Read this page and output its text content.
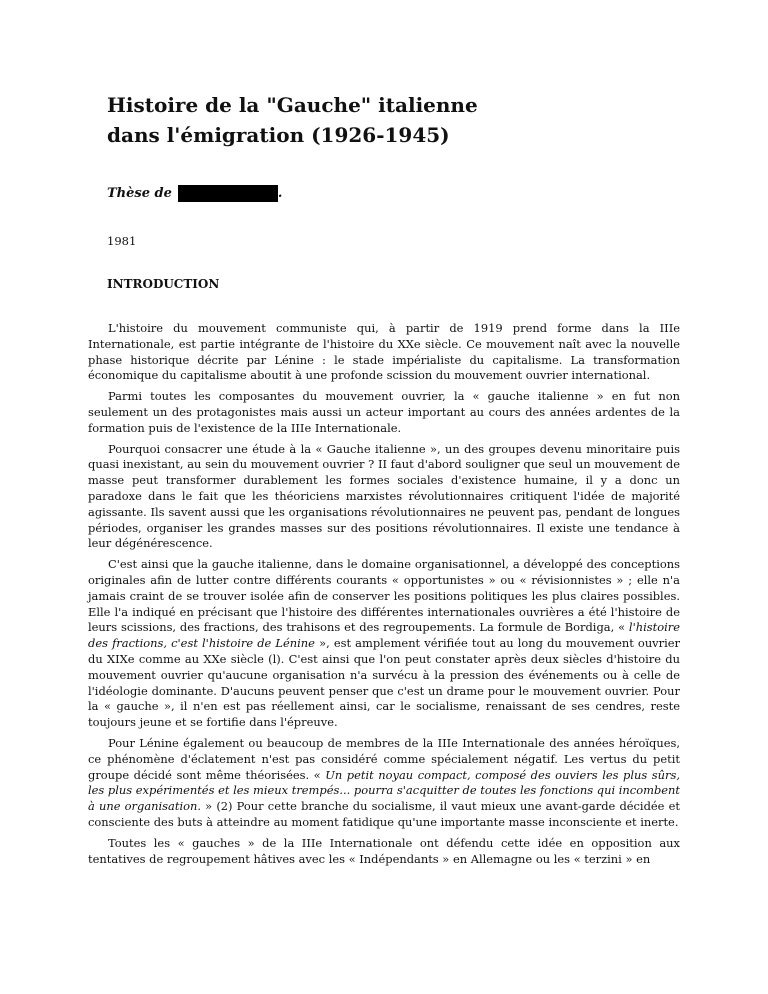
Histoire de la "Gauche" italienne
dans l'émigration (1926-1945)
Thèse de	.
1981
INTRODUCTION

L'histoire du mouvement communiste qui, à partir de 1919 prend forme dans la IIIe Internationale, est partie intégrante de l'histoire du XXe siècle. Ce mouvement naît avec la nouvelle phase historique décrite par Lénine : le stade impérialiste du capitalisme. La transformation économique du capitalisme aboutit à une profonde scission du mouvement ouvrier international.

Parmi toutes les composantes du mouvement ouvrier, la « gauche italienne » en fut non seulement un des protagonistes mais aussi un acteur important au cours des années ardentes de la formation puis de l'existence de la IIIe Internationale.

Pourquoi consacrer une étude à la « Gauche italienne », un des groupes devenu minoritaire puis quasi inexistant, au sein du mouvement ouvrier ? II faut d'abord souligner que seul un mouvement de masse peut transformer durablement les formes sociales d'existence humaine, il y a donc un paradoxe dans le fait que les théoriciens marxistes révolutionnaires critiquent l'idée de majorité agissante. Ils savent aussi que les organisations révolutionnaires ne peuvent pas, pendant de longues périodes, organiser les grandes masses sur des positions révolutionnaires. Il existe une tendance à leur dégénérescence.

C'est ainsi que la gauche italienne, dans le domaine organisationnel, a développé des conceptions originales afin de lutter contre différents courants « opportunistes » ou « révisionnistes » ; elle n'a jamais craint de se trouver isolée afin de conserver les positions politiques les plus claires possibles. Elle l'a indiqué en précisant que l'histoire des différentes internationales ouvrières a été l'histoire de leurs scissions, des fractions, des trahisons et des regroupements. La formule de Bordiga, « l'histoire des fractions, c'est l'histoire de Lénine », est amplement vérifiée tout au long du mouvement ouvrier du XIXe comme au XXe siècle (l). C'est ainsi que l'on peut constater après deux siècles d'histoire du mouvement ouvrier qu'aucune organisation n'a survécu à la pression des événements ou à celle de l'idéologie dominante. D'aucuns peuvent penser que c'est un drame pour le mouvement ouvrier. Pour la « gauche », il n'en est pas réellement ainsi, car le socialisme, renaissant de ses cendres, reste toujours jeune et se fortifie dans l'épreuve.

Pour Lénine également ou beaucoup de membres de la IIIe Internationale des années héroïques, ce phénomène d'éclatement n'est pas considéré comme spécialement négatif. Les vertus du petit groupe décidé sont même théorisées. « Un petit noyau compact, composé des ouviers les plus sûrs, les plus expérimentés et les mieux trempés... pourra s'acquitter de toutes les fonctions qui incombent à une organisation. » (2) Pour cette branche du socialisme, il vaut mieux une avant-garde décidée et consciente des buts à atteindre au moment fatidique qu'une importante masse inconsciente et inerte.

Toutes les « gauches » de la IIIe Internationale ont défendu cette idée en opposition aux tentatives de regroupement hâtives avec les « Indépendants » en Allemagne ou les « terzini » en
